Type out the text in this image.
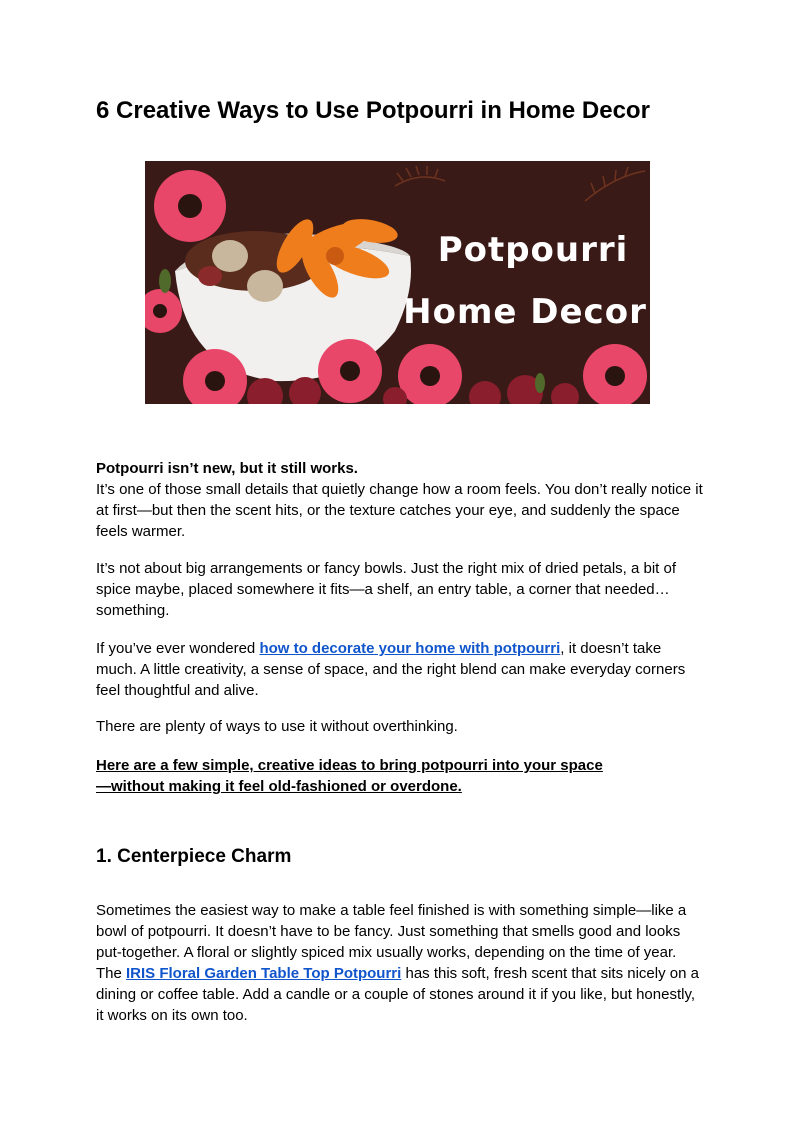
6 Creative Ways to Use Potpourri in Home Decor
Potpourri
Home Decor
Potpourri isn’t new, but it still works.
It’s one of those small details that quietly change how a room feels. You don’t really notice it at first—but then the scent hits, or the texture catches your eye, and suddenly the space feels warmer.
It’s not about big arrangements or fancy bowls. Just the right mix of dried petals, a bit of spice maybe, placed somewhere it fits—a shelf, an entry table, a corner that needed… something.
If you’ve ever wondered how to decorate your home with potpourri, it doesn’t take much. A little creativity, a sense of space, and the right blend can make everyday corners feel thoughtful and alive.
There are plenty of ways to use it without overthinking.
Here are a few simple, creative ideas to bring potpourri into your space—without making it feel old-fashioned or overdone.
1. Centerpiece Charm
Sometimes the easiest way to make a table feel finished is with something simple—like a bowl of potpourri. It doesn’t have to be fancy. Just something that smells good and looks put-together. A floral or slightly spiced mix usually works, depending on the time of year. The IRIS Floral Garden Table Top Potpourri has this soft, fresh scent that sits nicely on a dining or coffee table. Add a candle or a couple of stones around it if you like, but honestly, it works on its own too.
